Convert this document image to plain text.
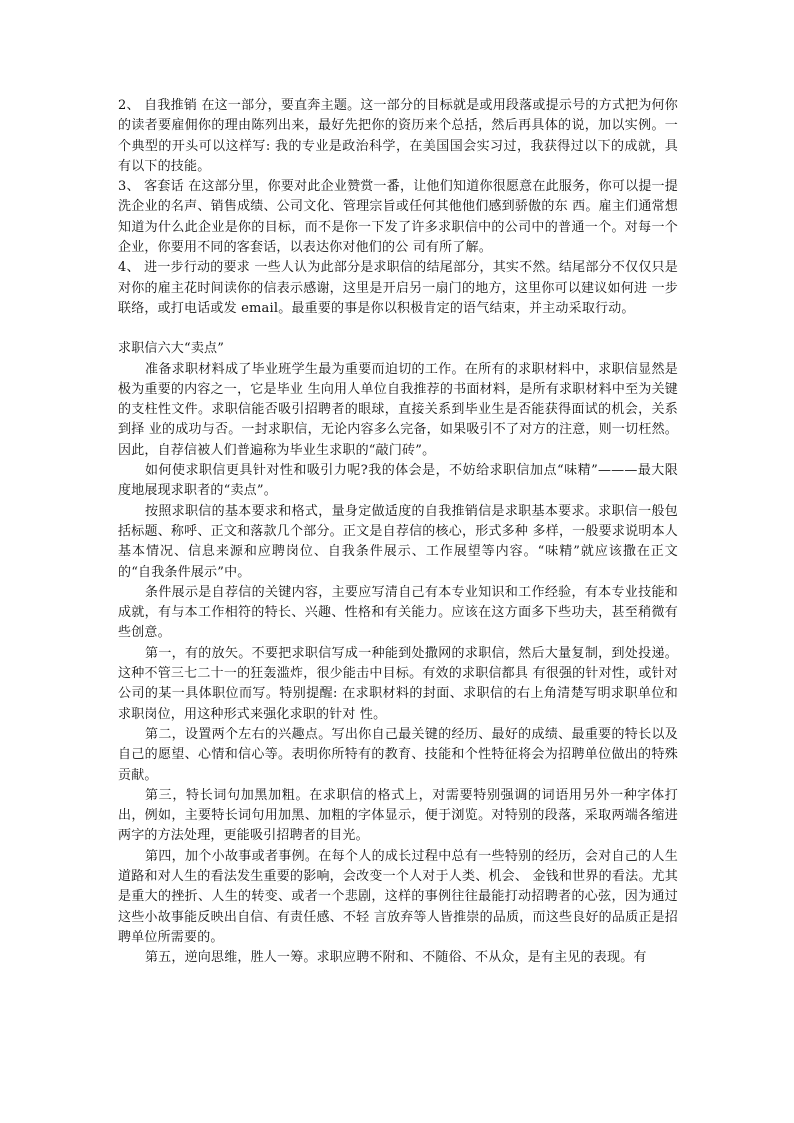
2、 自我推销 在这一部分，要直奔主题。这一部分的目标就是或用段落或提示号的方式把为何你的读者要雇佣你的理由陈列出来，最好先把你的资历来个总括，然后再具体的说，加以实例。一个典型的开头可以这样写: 我的专业是政治科学，在美国国会实习过，我获得过以下的成就，具有以下的技能。

3、 客套话 在这部分里，你要对此企业赞赏一番，让他们知道你很愿意在此服务，你可以提一提洗企业的名声、销售成绩、公司文化、管理宗旨或任何其他他们感到骄傲的东 西。雇主们通常想知道为什么此企业是你的目标，而不是你一下发了许多求职信中的公司中的普通一个。对每一个企业，你要用不同的客套话，以表达你对他们的公 司有所了解。

4、 进一步行动的要求 一些人认为此部分是求职信的结尾部分，其实不然。结尾部分不仅仅只是对你的雇主花时间读你的信表示感谢，这里是开启另一扇门的地方，这里你可以建议如何进 一步联络，或打电话或发 email。最重要的事是你以积极肯定的语气结束，并主动采取行动。

求职信六大“卖点”

准备求职材料成了毕业班学生最为重要而迫切的工作。在所有的求职材料中，求职信显然是极为重要的内容之一，它是毕业 生向用人单位自我推荐的书面材料，是所有求职材料中至为关键的支柱性文件。求职信能否吸引招聘者的眼球，直接关系到毕业生是否能获得面试的机会，关系到择 业的成功与否。一封求职信，无论内容多么完备，如果吸引不了对方的注意，则一切枉然。因此，自荐信被人们普遍称为毕业生求职的“敲门砖”。

如何使求职信更具针对性和吸引力呢?我的体会是，不妨给求职信加点“味精”———最大限度地展现求职者的“卖点”。

按照求职信的基本要求和格式，量身定做适度的自我推销信是求职基本要求。求职信一般包括标题、称呼、正文和落款几个部分。正文是自荐信的核心，形式多种 多样，一般要求说明本人基本情况、信息来源和应聘岗位、自我条件展示、工作展望等内容。“味精”就应该撒在正文的“自我条件展示”中。

条件展示是自荐信的关键内容，主要应写清自己有本专业知识和工作经验，有本专业技能和成就，有与本工作相符的特长、兴趣、性格和有关能力。应该在这方面多下些功夫，甚至稍微有些创意。

第一，有的放矢。不要把求职信写成一种能到处撒网的求职信，然后大量复制，到处投递。这种不管三七二十一的狂轰滥炸，很少能击中目标。有效的求职信都具 有很强的针对性，或针对公司的某一具体职位而写。特别提醒: 在求职材料的封面、求职信的右上角清楚写明求职单位和求职岗位，用这种形式来强化求职的针对 性。

第二，设置两个左右的兴趣点。写出你自己最关键的经历、最好的成绩、最重要的特长以及自己的愿望、心情和信心等。表明你所特有的教育、技能和个性特征将会为招聘单位做出的特殊贡献。

第三，特长词句加黑加粗。在求职信的格式上，对需要特别强调的词语用另外一种字体打出，例如，主要特长词句用加黑、加粗的字体显示，便于浏览。对特别的段落，采取两端各缩进两字的方法处理，更能吸引招聘者的目光。

第四，加个小故事或者事例。在每个人的成长过程中总有一些特别的经历，会对自己的人生道路和对人生的看法发生重要的影响，会改变一个人对于人类、机会、 金钱和世界的看法。尤其是重大的挫折、人生的转变、或者一个悲剧，这样的事例往往最能打动招聘者的心弦，因为通过这些小故事能反映出自信、有责任感、不轻 言放弃等人皆推崇的品质，而这些良好的品质正是招聘单位所需要的。

第五，逆向思维，胜人一筹。求职应聘不附和、不随俗、不从众，是有主见的表现。有
